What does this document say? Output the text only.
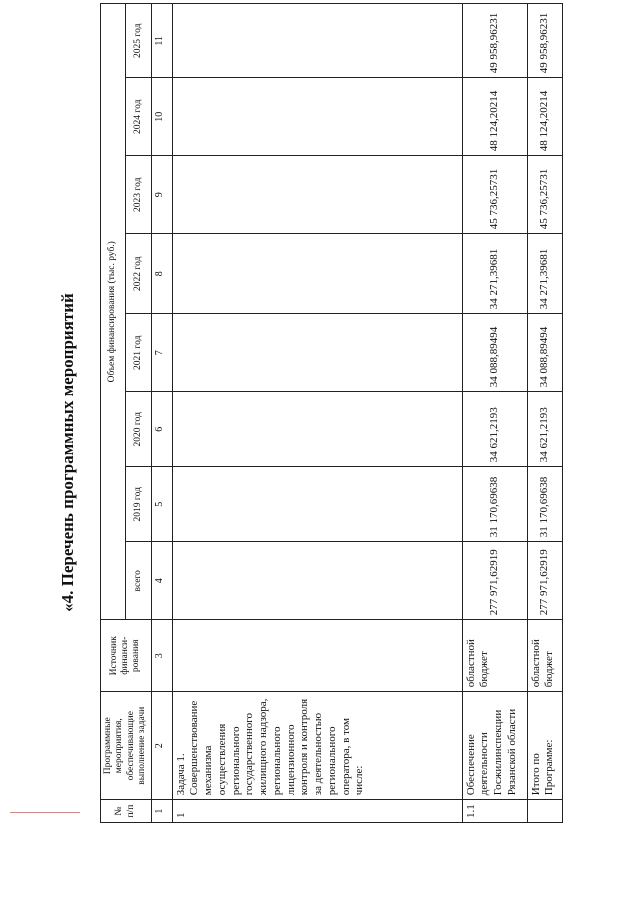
«4. Перечень программных мероприятий
№ п/п	Программные мероприятия, обеспечивающие выполнение задачи	Источник финанси-рования	Объем финансирования (тыс. руб.)							
			всего	2019 год	2020 год	2021 год	2022 год	2023 год	2024 год	2025 год
1	2	3	4	5	6	7	8	9	10	11
1	Задача 1. Совершенствование механизма осуществления регионального государственного жилищного надзора, регионального лицензионного контроля и контроля за деятельностью регионального оператора, в том числе:									
1.1	Обеспечение деятельности Госжилинспекции Рязанской области	областной бюджет	277 971,62919	31 170,69638	34 621,2193	34 088,89494	34 271,39681	45 736,25731	48 124,20214	49 958,96231
	Итого по Программе:	областной бюджет	277 971,62919	31 170,69638	34 621,2193	34 088,89494	34 271,39681	45 736,25731	48 124,20214	49 958,96231
